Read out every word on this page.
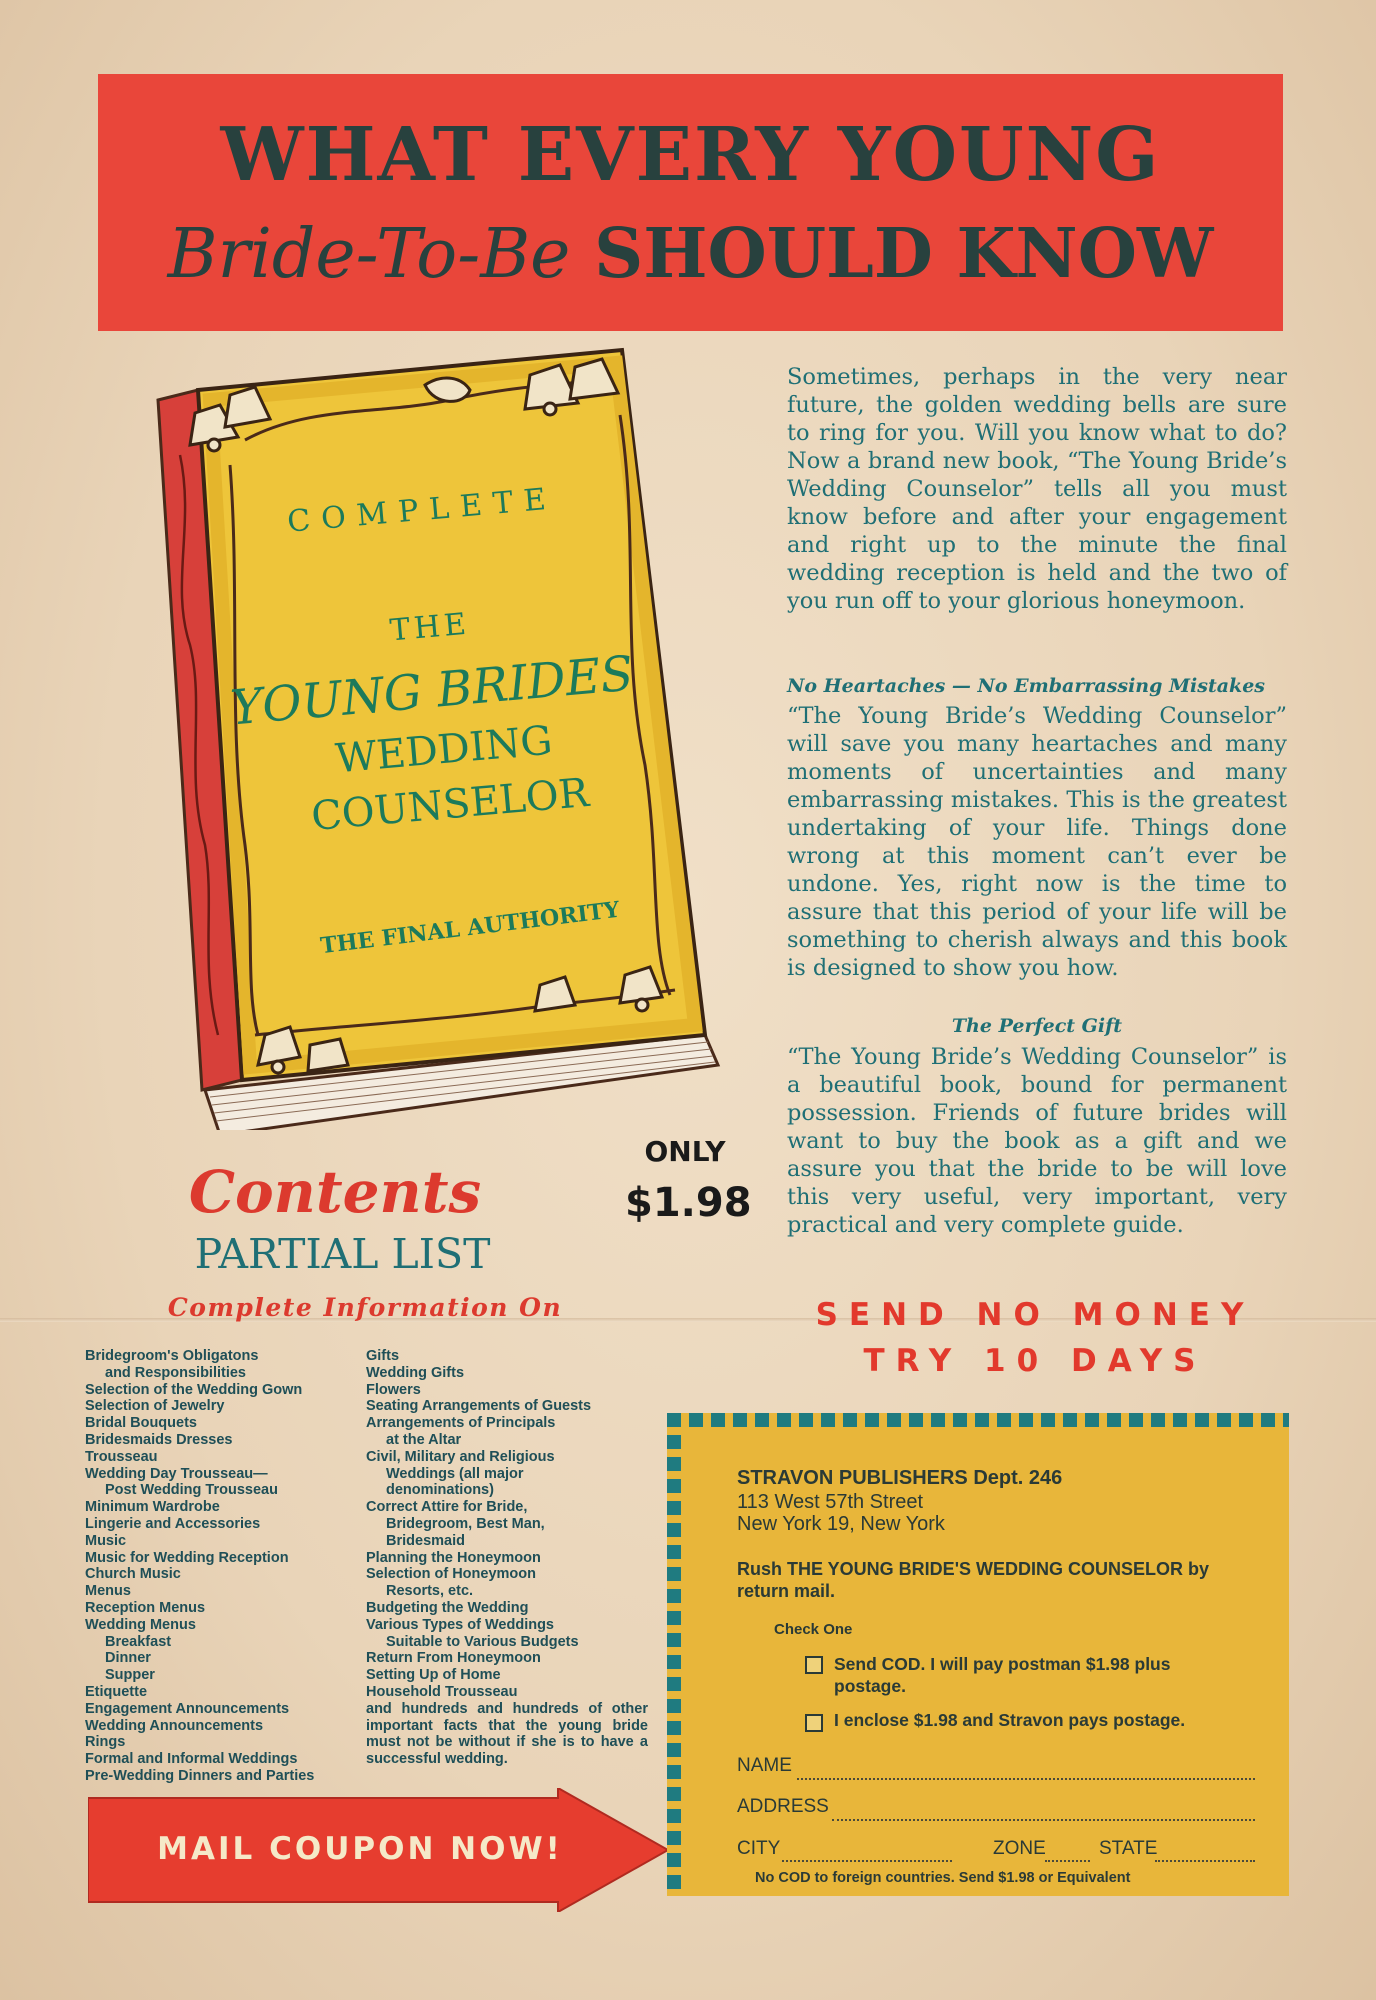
WHAT EVERY YOUNG
Bride-To-Be SHOULD KNOW
COMPLETE
THE
YOUNG BRIDES
WEDDING
COUNSELOR
THE FINAL AUTHORITY

Sometimes, perhaps in the very near future, the golden wedding bells are sure to ring for you. Will you know what to do? Now a brand new book, “The Young Bride’s Wedding Counselor” tells all you must know before and after your engagement and right up to the minute the final wedding reception is held and the two of you run off to your glorious honeymoon.

No Heartaches — No Embarrassing Mistakes

“The Young Bride’s Wedding Counselor” will save you many heartaches and many moments of uncertainties and many embarrassing mistakes. This is the greatest undertaking of your life. Things done wrong at this moment can’t ever be undone. Yes, right now is the time to assure that this period of your life will be something to cherish always and this book is designed to show you how.

The Perfect Gift

“The Young Bride’s Wedding Counselor” is a beautiful book, bound for permanent possession. Friends of future brides will want to buy the book as a gift and we assure you that the bride to be will love this very useful, very important, very practical and very complete guide.

ONLY
$1.98
Contents
PARTIAL LIST
Complete Information On
Bridegroom's Obligatons
and Responsibilities
Selection of the Wedding Gown
Selection of Jewelry
Bridal Bouquets
Bridesmaids Dresses
Trousseau
Wedding Day Trousseau—
Post Wedding Trousseau
Minimum Wardrobe
Lingerie and Accessories
Music
Music for Wedding Reception
Church Music
Menus
Reception Menus
Wedding Menus
Breakfast
Dinner
Supper
Etiquette
Engagement Announcements
Wedding Announcements
Rings
Formal and Informal Weddings
Pre-Wedding Dinners and Parties
Gifts
Wedding Gifts
Flowers
Seating Arrangements of Guests
Arrangements of Principals
at the Altar
Civil, Military and Religious
Weddings (all major
denominations)
Correct Attire for Bride,
Bridegroom, Best Man,
Bridesmaid
Planning the Honeymoon
Selection of Honeymoon
Resorts, etc.
Budgeting the Wedding
Various Types of Weddings
Suitable to Various Budgets
Return From Honeymoon
Setting Up of Home
Household Trousseau
and hundreds and hundreds of other important facts that the young bride must not be without if she is to have a successful wedding.
SEND NO MONEY
TRY 10 DAYS
MAIL COUPON NOW!
STRAVON PUBLISHERS Dept. 246
113 West 57th Street
New York 19, New York
Rush THE YOUNG BRIDE'S WEDDING COUNSELOR by return mail.
Check One
Send COD. I will pay postman $1.98 plus postage.
I enclose $1.98 and Stravon pays postage.
NAME
ADDRESS
CITY	ZONE	STATE
No COD to foreign countries. Send $1.98 or Equivalent
